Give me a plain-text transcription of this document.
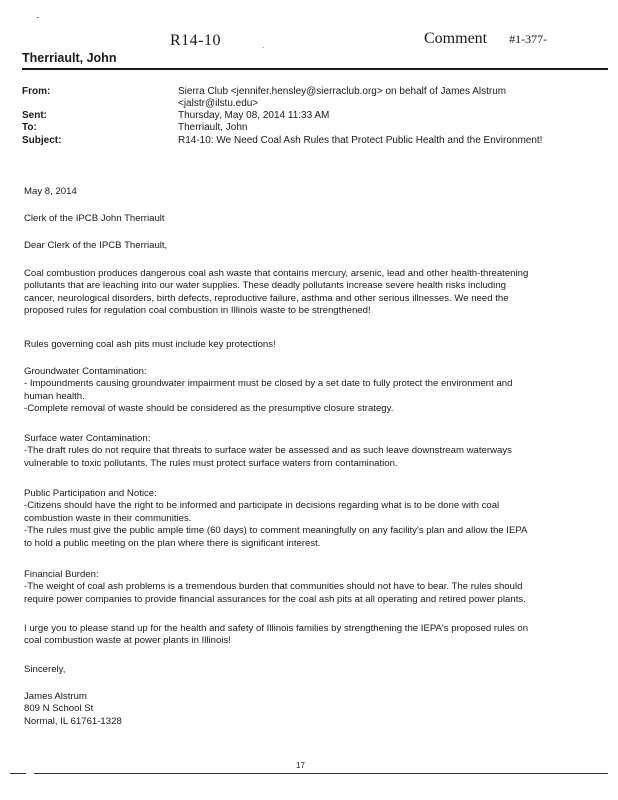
-
R14-10	.	Comment #1-377-
Therriault, John
From:	Sierra Club <jennifer.hensley@sierraclub.org> on behalf of James Alstrum
<jalstr@ilstu.edu>
Sent:	Thursday, May 08, 2014 11:33 AM
To:	Therriault, John
Subject:	R14-10: We Need Coal Ash Rules that Protect Public Health and the Environment!
May 8, 2014
Clerk of the IPCB John Therriault
Dear Clerk of the IPCB Therriault,

Coal combustion produces dangerous coal ash waste that contains mercury, arsenic, lead and other health-threatening

pollutants that are leaching into our water supplies. These deadly pollutants increase severe health risks including

cancer, neurological disorders, birth defects, reproductive failure, asthma and other serious illnesses. We need the

proposed rules for regulation coal combustion in Illinois waste to be strengthened!

Rules governing coal ash pits must include key protections!

Groundwater Contamination:

- Impoundments causing groundwater impairment must be closed by a set date to fully protect the environment and

human health.

-Complete removal of waste should be considered as the presumptive closure strategy.

Surface water Contamination:

-The draft rules do not require that threats to surface water be assessed and as such leave downstream waterways

vulnerable to toxic pollutants. The rules must protect surface waters from contamination.

Public Participation and Notice:

-Citizens should have the right to be informed and participate in decisions regarding what is to be done with coal

combustion waste in their communities.

-The rules must give the public ample time (60 days) to comment meaningfully on any facility's plan and allow the IEPA

to hold a public meeting on the plan where there is significant interest.

Financial Burden:

-The weight of coal ash problems is a tremendous burden that communities should not have to bear. The rules should

require power companies to provide financial assurances for the coal ash pits at all operating and retired power plants.

I urge you to please stand up for the health and safety of Illinois families by strengthening the IEPA's proposed rules on

coal combustion waste at power plants in Illinois!

Sincerely,

James Alstrum

809 N School St

Normal, IL 61761-1328

17
